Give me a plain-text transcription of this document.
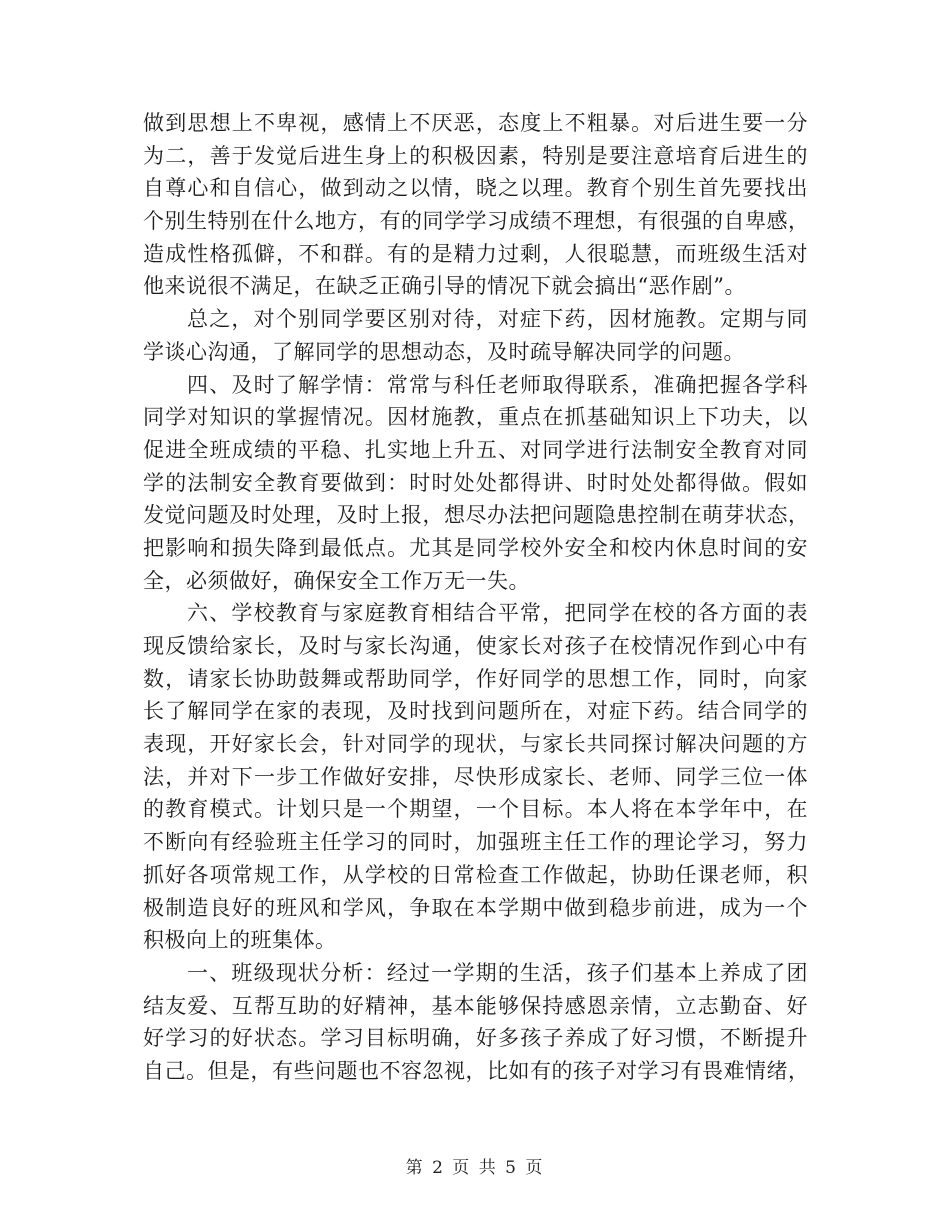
做到思想上不卑视，感情上不厌恶，态度上不粗暴。对后进生要一分
为二，善于发觉后进生身上的积极因素，特别是要注意培育后进生的
自尊心和自信心，做到动之以情，晓之以理。教育个别生首先要找出
个别生特别在什么地方，有的同学学习成绩不理想，有很强的自卑感，
造成性格孤僻，不和群。有的是精力过剩，人很聪慧，而班级生活对
他来说很不满足，在缺乏正确引导的情况下就会搞出“恶作剧”。
总之，对个别同学要区别对待，对症下药，因材施教。定期与同
学谈心沟通，了解同学的思想动态，及时疏导解决同学的问题。
四、及时了解学情：常常与科任老师取得联系，准确把握各学科
同学对知识的掌握情况。因材施教，重点在抓基础知识上下功夫，以
促进全班成绩的平稳、扎实地上升五、对同学进行法制安全教育对同
学的法制安全教育要做到：时时处处都得讲、时时处处都得做。假如
发觉问题及时处理，及时上报，想尽办法把问题隐患控制在萌芽状态，
把影响和损失降到最低点。尤其是同学校外安全和校内休息时间的安
全，必须做好，确保安全工作万无一失。
六、学校教育与家庭教育相结合平常，把同学在校的各方面的表
现反馈给家长，及时与家长沟通，使家长对孩子在校情况作到心中有
数，请家长协助鼓舞或帮助同学，作好同学的思想工作，同时，向家
长了解同学在家的表现，及时找到问题所在，对症下药。结合同学的
表现，开好家长会，针对同学的现状，与家长共同探讨解决问题的方
法，并对下一步工作做好安排，尽快形成家长、老师、同学三位一体
的教育模式。计划只是一个期望，一个目标。本人将在本学年中，在
不断向有经验班主任学习的同时，加强班主任工作的理论学习，努力
抓好各项常规工作，从学校的日常检查工作做起，协助任课老师，积
极制造良好的班风和学风，争取在本学期中做到稳步前进，成为一个
积极向上的班集体。
一、班级现状分析：经过一学期的生活，孩子们基本上养成了团
结友爱、互帮互助的好精神，基本能够保持感恩亲情，立志勤奋、好
好学习的好状态。学习目标明确，好多孩子养成了好习惯，不断提升
自己。但是，有些问题也不容忽视，比如有的孩子对学习有畏难情绪，
第 2 页 共 5 页
